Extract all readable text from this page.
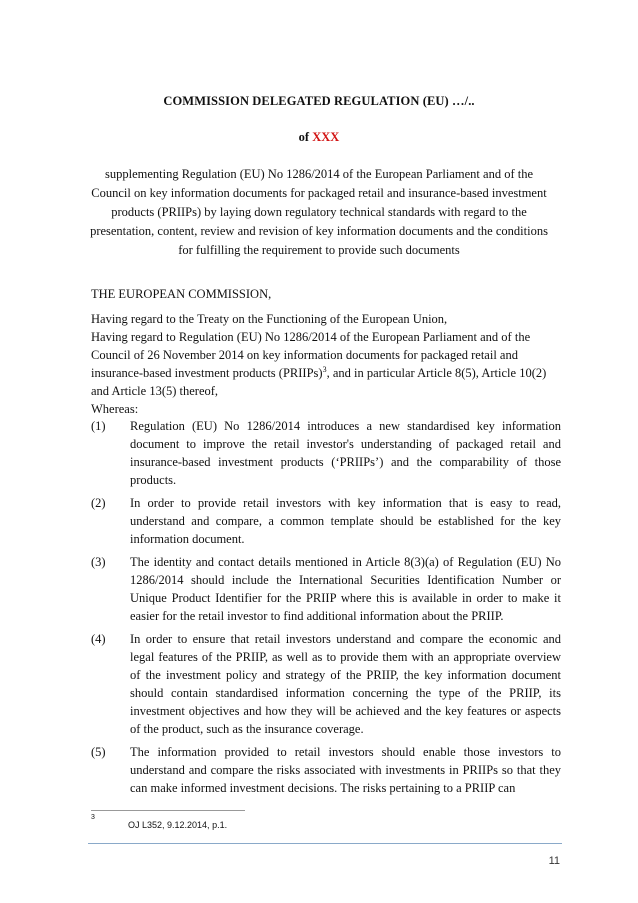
COMMISSION DELEGATED REGULATION (EU) …/..
of XXX
supplementing Regulation (EU) No 1286/2014 of the European Parliament and of the Council on key information documents for packaged retail and insurance-based investment products (PRIIPs) by laying down regulatory technical standards with regard to the presentation, content, review and revision of key information documents and the conditions for fulfilling the requirement to provide such documents
THE EUROPEAN COMMISSION,

Having regard to the Treaty on the Functioning of the European Union,

Having regard to Regulation (EU) No 1286/2014 of the European Parliament and of the Council of 26 November 2014 on key information documents for packaged retail and insurance-based investment products (PRIIPs)$^3$, and in particular Article 8(5), Article 10(2) and Article 13(5) thereof,

Whereas:

(1)	Regulation (EU) No 1286/2014 introduces a new standardised key information document to improve the retail investor's understanding of packaged retail and insurance-based investment products (‘PRIIPs’) and the comparability of those products.
(2)	In order to provide retail investors with key information that is easy to read, understand and compare, a common template should be established for the key information document.
(3)	The identity and contact details mentioned in Article 8(3)(a) of Regulation (EU) No 1286/2014 should include the International Securities Identification Number or Unique Product Identifier for the PRIIP where this is available in order to make it easier for the retail investor to find additional information about the PRIIP.
(4)	In order to ensure that retail investors understand and compare the economic and legal features of the PRIIP, as well as to provide them with an appropriate overview of the investment policy and strategy of the PRIIP, the key information document should contain standardised information concerning the type of the PRIIP, its investment objectives and how they will be achieved and the key features or aspects of the product, such as the insurance coverage.
(5)	The information provided to retail investors should enable those investors to understand and compare the risks associated with investments in PRIIPs so that they can make informed investment decisions. The risks pertaining to a PRIIP can
$^3$
OJ L352, 9.12.2014, p.1.
11
